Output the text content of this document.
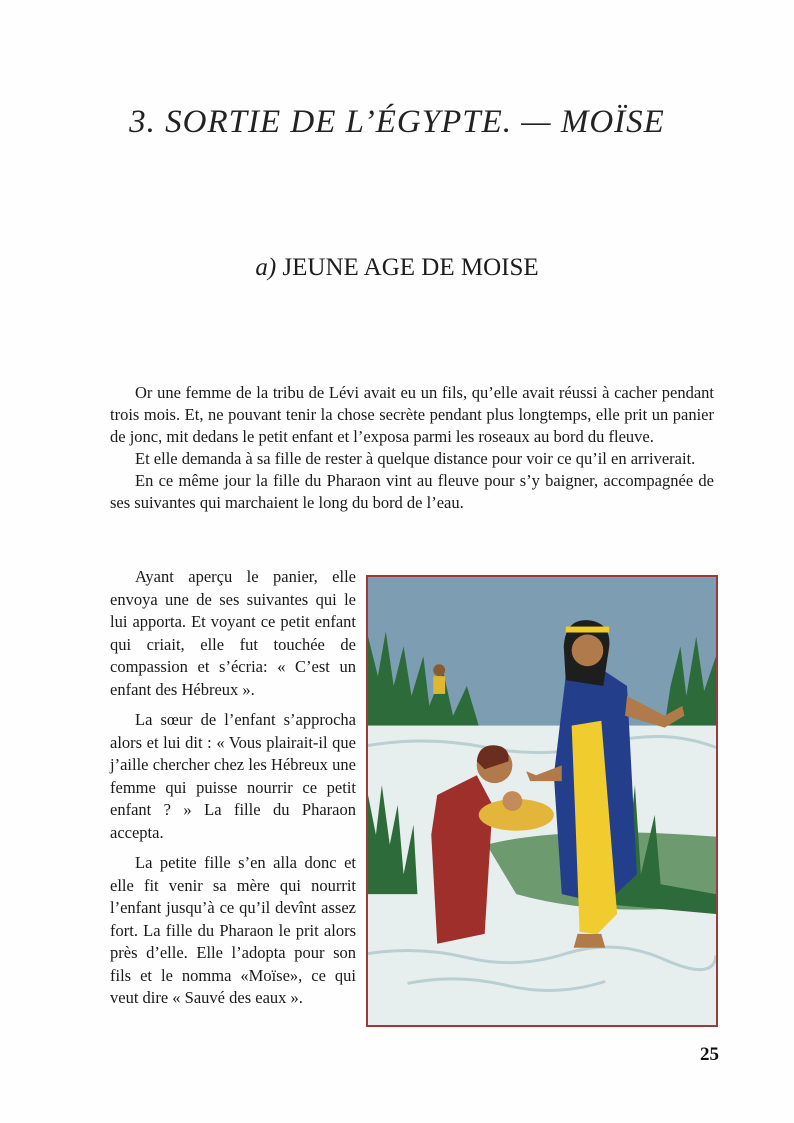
3. SORTIE DE L’ÉGYPTE. — MOÏSE
a) JEUNE AGE DE MOISE

Or une femme de la tribu de Lévi avait eu un fils, qu’elle avait réussi à cacher pendant trois mois. Et, ne pouvant tenir la chose secrète pendant plus longtemps, elle prit un panier de jonc, mit dedans le petit enfant et l’exposa parmi les roseaux au bord du fleuve.

Et elle demanda à sa fille de rester à quelque distance pour voir ce qu’il en arriverait.

En ce même jour la fille du Pharaon vint au fleuve pour s’y baigner, accompagnée de ses suivantes qui marchaient le long du bord de l’eau.

Ayant aperçu le panier, elle envoya une de ses suivantes qui le lui apporta. Et voyant ce petit enfant qui criait, elle fut touchée de compassion et s’écria: « C’est un enfant des Hébreux ».

La sœur de l’enfant s’approcha alors et lui dit : « Vous plairait-il que j’aille chercher chez les Hébreux une femme qui puisse nourrir ce petit enfant ? » La fille du Pharaon accepta.

La petite fille s’en alla donc et elle fit venir sa mère qui nourrit l’enfant jusqu’à ce qu’il devînt assez fort. La fille du Pharaon le prit alors près d’elle. Elle l’adopta pour son fils et le nomma «Moïse», ce qui veut dire « Sauvé des eaux ».

25
